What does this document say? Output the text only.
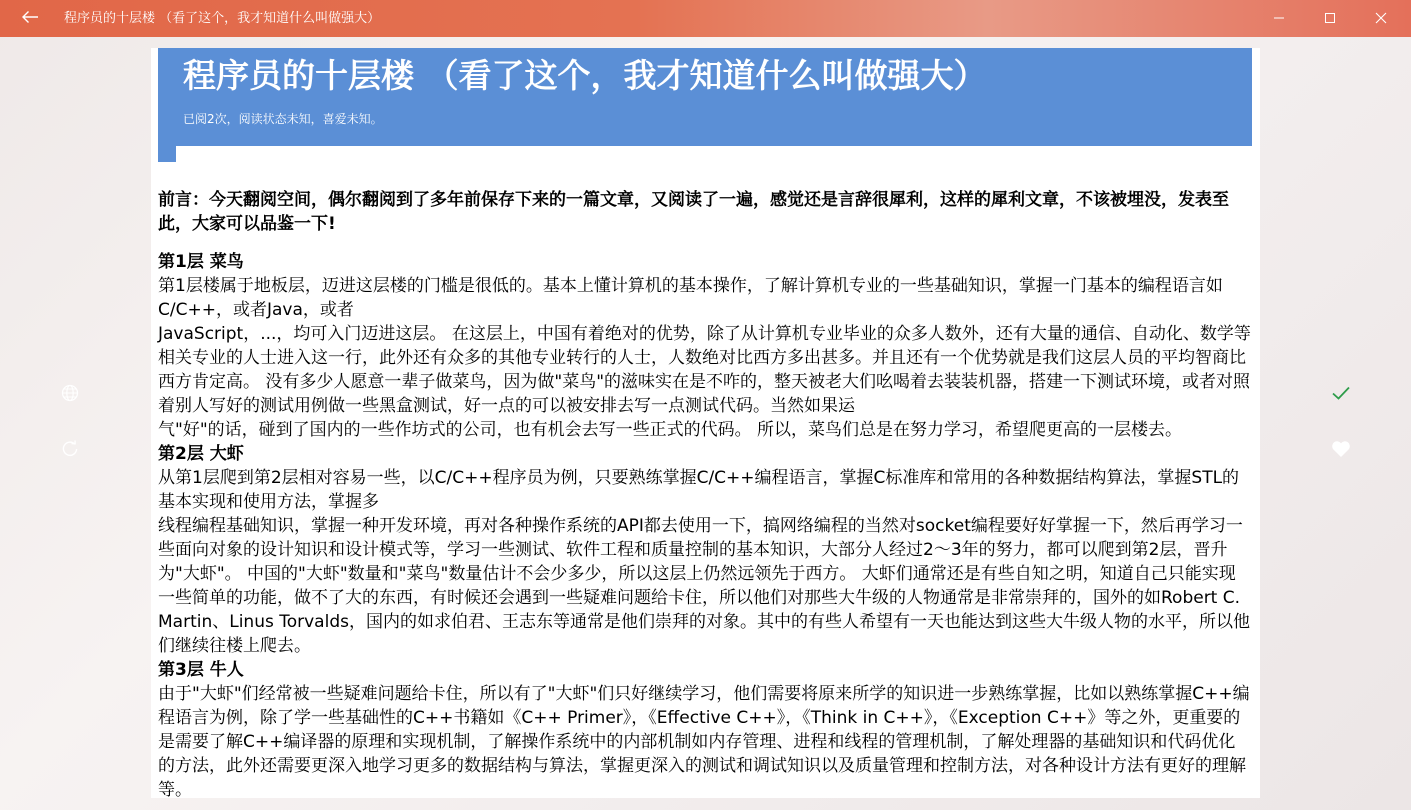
程序员的十层楼 （看了这个，我才知道什么叫做强大）
程序员的十层楼 （看了这个，我才知道什么叫做强大）
已阅2次，阅读状态未知，喜爱未知。

前言：今天翻阅空间，偶尔翻阅到了多年前保存下来的一篇文章，又阅读了一遍，感觉还是言辞很犀利，这样的犀利文章，不该被埋没，发表至此，大家可以品鉴一下!

第1层 菜鸟

第1层楼属于地板层，迈进这层楼的门槛是很低的。基本上懂计算机的基本操作，了解计算机专业的一些基础知识，掌握一门基本的编程语言如C/C++，或者Java，或者

JavaScript，...，均可入门迈进这层。 在这层上，中国有着绝对的优势，除了从计算机专业毕业的众多人数外，还有大量的通信、自动化、数学等相关专业的人士进入这一行，此外还有众多的其他专业转行的人士，人数绝对比西方多出甚多。并且还有一个优势就是我们这层人员的平均智商比西方肯定高。 没有多少人愿意一辈子做菜鸟，因为做"菜鸟"的滋味实在是不咋的，整天被老大们吆喝着去装装机器，搭建一下测试环境，或者对照着别人写好的测试用例做一些黑盒测试，好一点的可以被安排去写一点测试代码。当然如果运

气"好"的话，碰到了国内的一些作坊式的公司，也有机会去写一些正式的代码。 所以，菜鸟们总是在努力学习，希望爬更高的一层楼去。

第2层 大虾

从第1层爬到第2层相对容易一些，以C/C++程序员为例，只要熟练掌握C/C++编程语言，掌握C标准库和常用的各种数据结构算法，掌握STL的基本实现和使用方法，掌握多

线程编程基础知识，掌握一种开发环境，再对各种操作系统的API都去使用一下，搞网络编程的当然对socket编程要好好掌握一下，然后再学习一些面向对象的设计知识和设计模式等，学习一些测试、软件工程和质量控制的基本知识，大部分人经过2～3年的努力，都可以爬到第2层，晋升为"大虾"。 中国的"大虾"数量和"菜鸟"数量估计不会少多少，所以这层上仍然远领先于西方。 大虾们通常还是有些自知之明，知道自己只能实现一些简单的功能，做不了大的东西，有时候还会遇到一些疑难问题给卡住，所以他们对那些大牛级的人物通常是非常崇拜的，国外的如Robert C. Martin、Linus Torvalds，国内的如求伯君、王志东等通常是他们崇拜的对象。其中的有些人希望有一天也能达到这些大牛级人物的水平，所以他们继续往楼上爬去。

第3层 牛人

由于"大虾"们经常被一些疑难问题给卡住，所以有了"大虾"们只好继续学习，他们需要将原来所学的知识进一步熟练掌握，比如以熟练掌握C++编程语言为例，除了学一些基础性的C++书籍如《C++ Primer》，《Effective C++》，《Think in C++》，《Exception C++》等之外，更重要的是需要了解C++编译器的原理和实现机制，了解操作系统中的内部机制如内存管理、进程和线程的管理机制，了解处理器的基础知识和代码优化的方法，此外还需要更深入地学习更多的数据结构与算法，掌握更深入的测试和调试知识以及质量管理和控制方法，对各种设计方法有更好的理解等。
